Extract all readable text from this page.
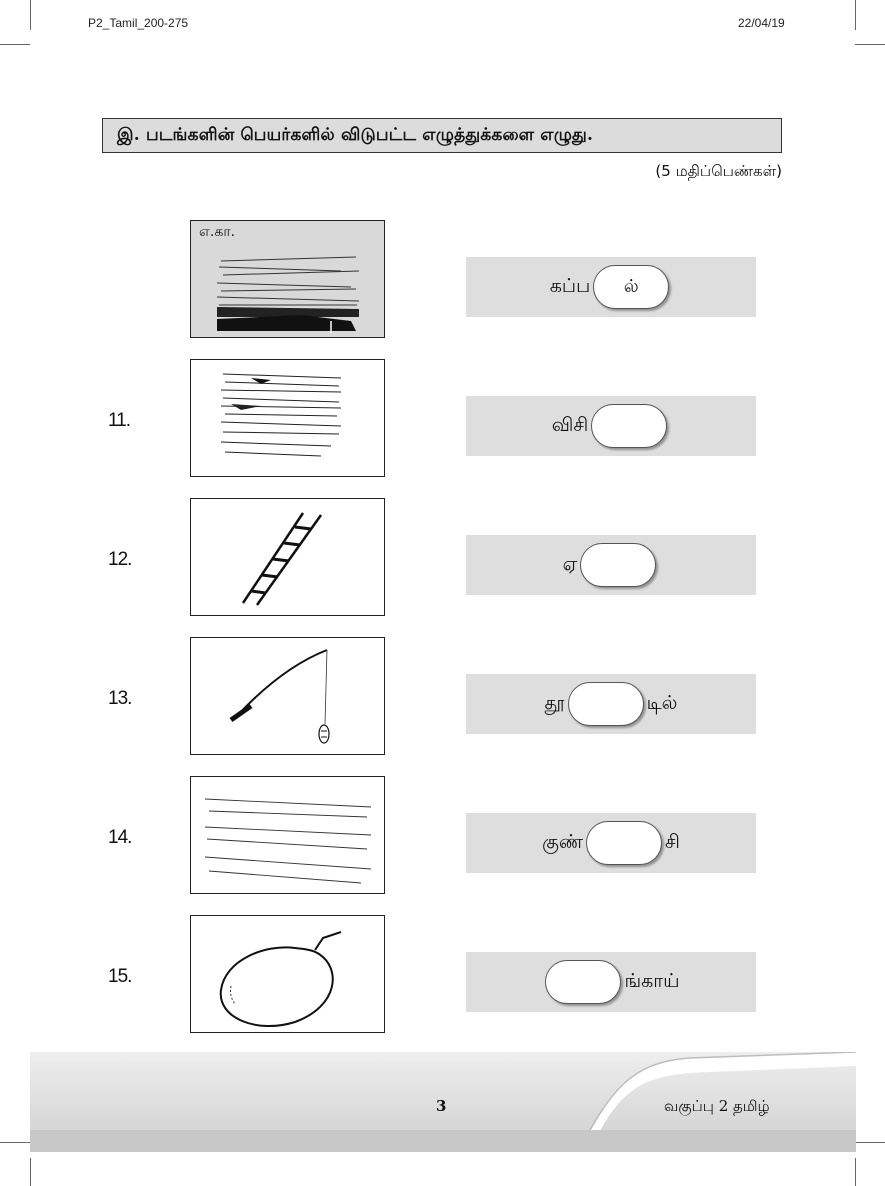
P2_Tamil_200-275	22/04/19
இ. படங்களின் பெயர்களில் விடுபட்ட எழுத்துக்களை எழுது.
(5 மதிப்பெண்கள்)
எ.கா.
கப்ப	ல்
11.	விசி
12.	ஏ
13.	தூ	டில்
14.	குண்	சி
15.	ங்காய்
3	வகுப்பு 2 தமிழ்
